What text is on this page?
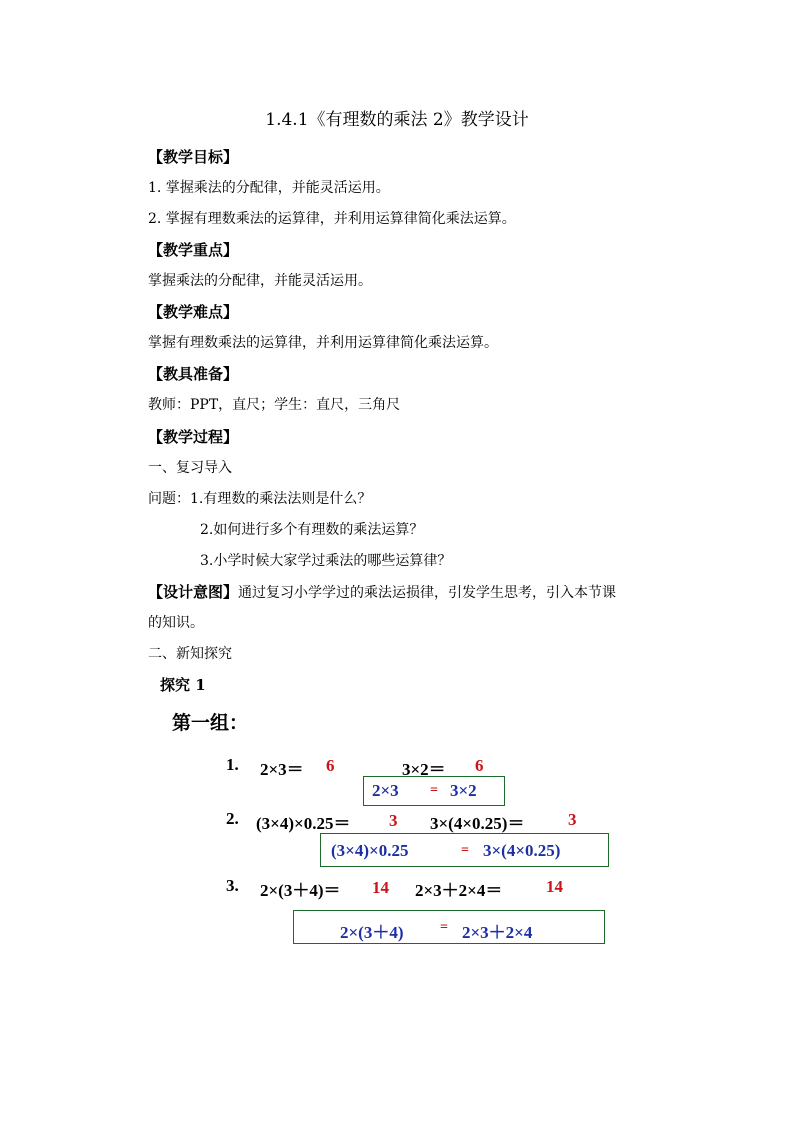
1.4.1《有理数的乘法 2》教学设计
【教学目标】
1. 掌握乘法的分配律，并能灵活运用。
2. 掌握有理数乘法的运算律，并利用运算律简化乘法运算。
【教学重点】
掌握乘法的分配律，并能灵活运用。
【教学难点】
掌握有理数乘法的运算律，并利用运算律简化乘法运算。
【教具准备】
教师：PPT，直尺；学生：直尺，三角尺
【教学过程】
一、复习导入
问题：1.有理数的乘法法则是什么？
2.如何进行多个有理数的乘法运算？
3.小学时候大家学过乘法的哪些运算律？
【设计意图】通过复习小学学过的乘法运损律，引发学生思考，引入本节课
的知识。
二、新知探究
探究 1
第一组：
1. 2×3＝ 6	3×2＝ 6
2×3 = 3×2
2. (3×4)×0.25＝ 3 3×(4×0.25)＝	3
(3×4)×0.25	= 3×(4×0.25)
3. 2×(3＋4)＝ 14 2×3＋2×4＝	14
2×(3＋4)	= 2×3＋2×4
